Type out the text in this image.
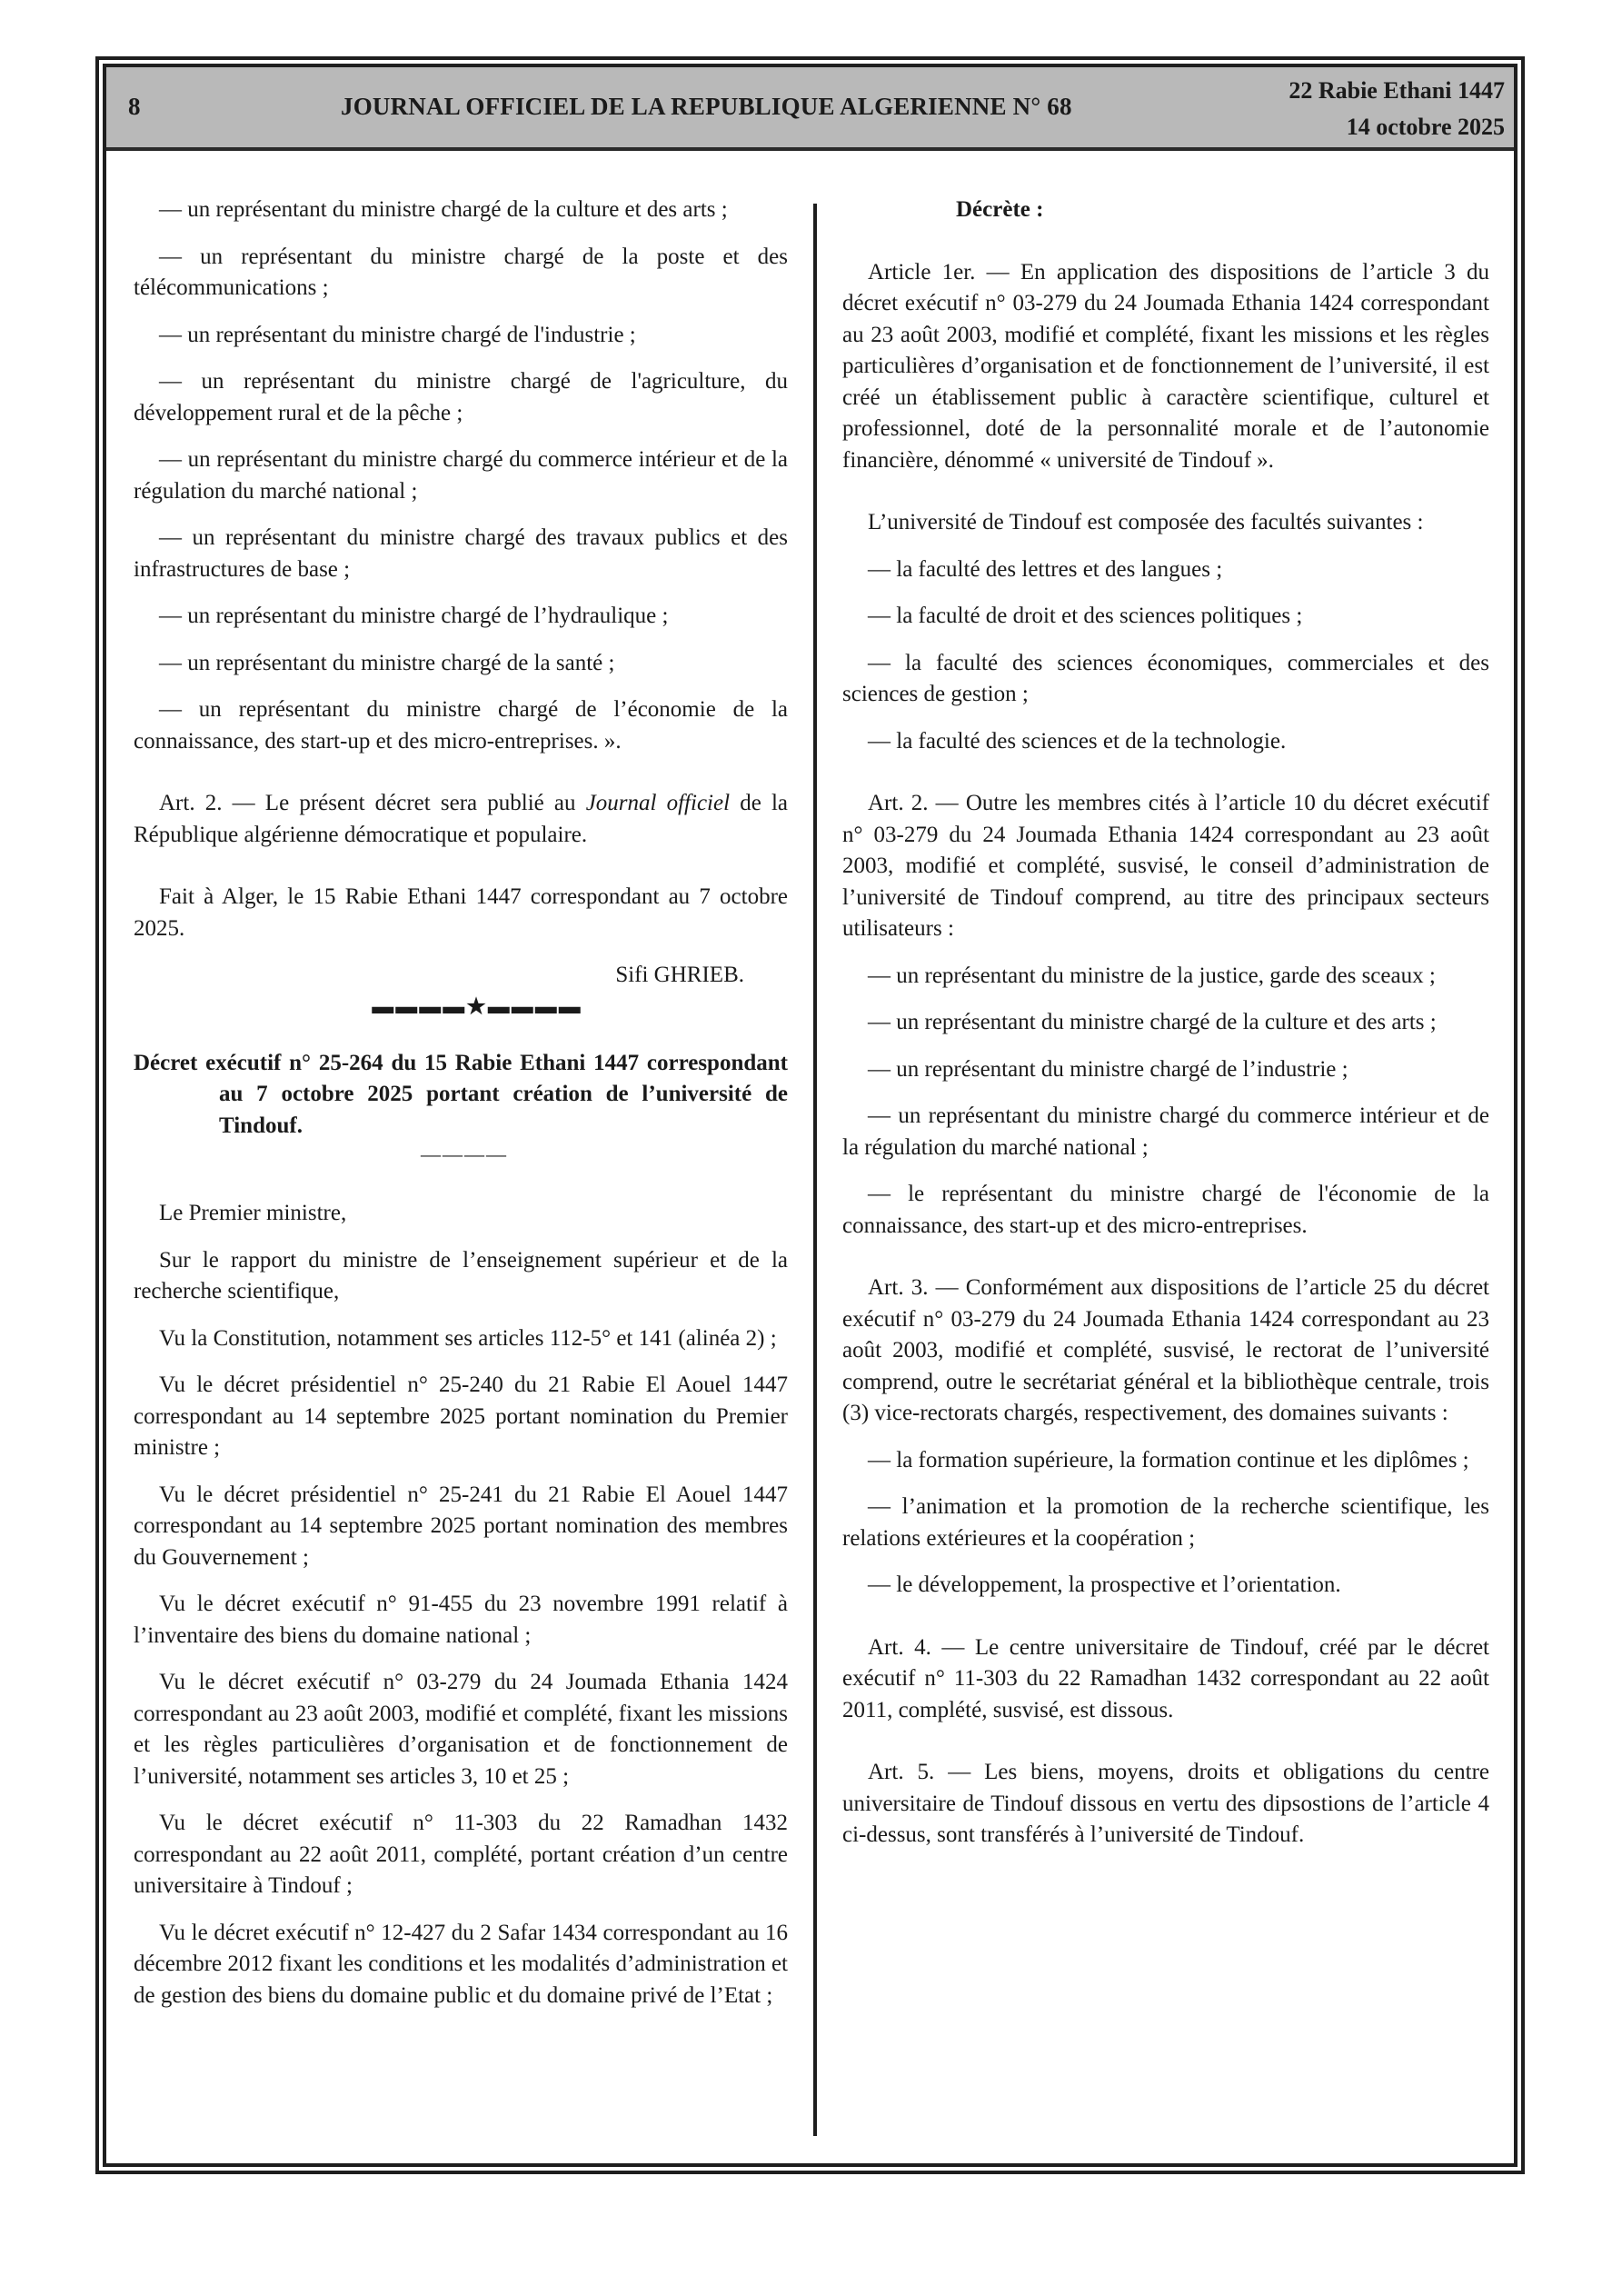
8	JOURNAL OFFICIEL DE LA REPUBLIQUE ALGERIENNE N° 68
22 Rabie Ethani 1447
14 octobre 2025

— un représentant du ministre chargé de la culture et des arts ;

— un représentant du ministre chargé de la poste et des télécommunications ;

— un représentant du ministre chargé de l'industrie ;

— un représentant du ministre chargé de l'agriculture, du développement rural et de la pêche ;

— un représentant du ministre chargé du commerce intérieur et de la régulation du marché national ;

— un représentant du ministre chargé des travaux publics et des infrastructures de base ;

— un représentant du ministre chargé de l’hydraulique ;

— un représentant du ministre chargé de la santé ;

— un représentant du ministre chargé de l’économie de la connaissance, des start-up et des micro-entreprises. ».

Art. 2. — Le présent décret sera publié au Journal officiel de la République algérienne démocratique et populaire.

Fait à Alger, le 15 Rabie Ethani 1447 correspondant au 7 octobre 2025.

Sifi GHRIEB.

▬▬▬▬★▬▬▬▬

Décret exécutif n° 25-264 du 15 Rabie Ethani 1447 correspondant au 7 octobre 2025 portant création de l’université de Tindouf.

————

Le Premier ministre,

Sur le rapport du ministre de l’enseignement supérieur et de la recherche scientifique,

Vu la Constitution, notamment ses articles 112-5° et 141 (alinéa 2) ;

Vu le décret présidentiel n° 25-240 du 21 Rabie El Aouel 1447 correspondant au 14 septembre 2025 portant nomination du Premier ministre ;

Vu le décret présidentiel n° 25-241 du 21 Rabie El Aouel 1447 correspondant au 14 septembre 2025 portant nomination des membres du Gouvernement ;

Vu le décret exécutif n° 91-455 du 23 novembre 1991 relatif à l’inventaire des biens du domaine national ;

Vu le décret exécutif n° 03-279 du 24 Joumada Ethania 1424 correspondant au 23 août 2003, modifié et complété, fixant les missions et les règles particulières d’organisation et de fonctionnement de l’université, notamment ses articles 3, 10 et 25 ;

Vu le décret exécutif n° 11-303 du 22 Ramadhan 1432 correspondant au 22 août 2011, complété, portant création d’un centre universitaire à Tindouf ;

Vu le décret exécutif n° 12-427 du 2 Safar 1434 correspondant au 16 décembre 2012 fixant les conditions et les modalités d’administration et de gestion des biens du domaine public et du domaine privé de l’Etat ;

Décrète :

Article 1er. — En application des dispositions de l’article 3 du décret exécutif n° 03-279 du 24 Joumada Ethania 1424 correspondant au 23 août 2003, modifié et complété, fixant les missions et les règles particulières d’organisation et de fonctionnement de l’université, il est créé un établissement public à caractère scientifique, culturel et professionnel, doté de la personnalité morale et de l’autonomie financière, dénommé « université de Tindouf ».

L’université de Tindouf est composée des facultés suivantes :

— la faculté des lettres et des langues ;

— la faculté de droit et des sciences politiques ;

— la faculté des sciences économiques, commerciales et des sciences de gestion ;

— la faculté des sciences et de la technologie.

Art. 2. — Outre les membres cités à l’article 10 du décret exécutif n° 03-279 du 24 Joumada Ethania 1424 correspondant au 23 août 2003, modifié et complété, susvisé, le conseil d’administration de l’université de Tindouf comprend, au titre des principaux secteurs utilisateurs :

— un représentant du ministre de la justice, garde des sceaux ;

— un représentant du ministre chargé de la culture et des arts ;

— un représentant du ministre chargé de l’industrie ;

— un représentant du ministre chargé du commerce intérieur et de la régulation du marché national ;

— le représentant du ministre chargé de l'économie de la connaissance, des start-up et des micro-entreprises.

Art. 3. — Conformément aux dispositions de l’article 25 du décret exécutif n° 03-279 du 24 Joumada Ethania 1424 correspondant au 23 août 2003, modifié et complété, susvisé, le rectorat de l’université comprend, outre le secrétariat général et la bibliothèque centrale, trois (3) vice-rectorats chargés, respectivement, des domaines suivants :

— la formation supérieure, la formation continue et les diplômes ;

— l’animation et la promotion de la recherche scientifique, les relations extérieures et la coopération ;

— le développement, la prospective et l’orientation.

Art. 4. — Le centre universitaire de Tindouf, créé par le décret exécutif n° 11-303 du 22 Ramadhan 1432 correspondant au 22 août 2011, complété, susvisé, est dissous.

Art. 5. — Les biens, moyens, droits et obligations du centre universitaire de Tindouf dissous en vertu des dipsostions de l’article 4 ci-dessus, sont transférés à l’université de Tindouf.
